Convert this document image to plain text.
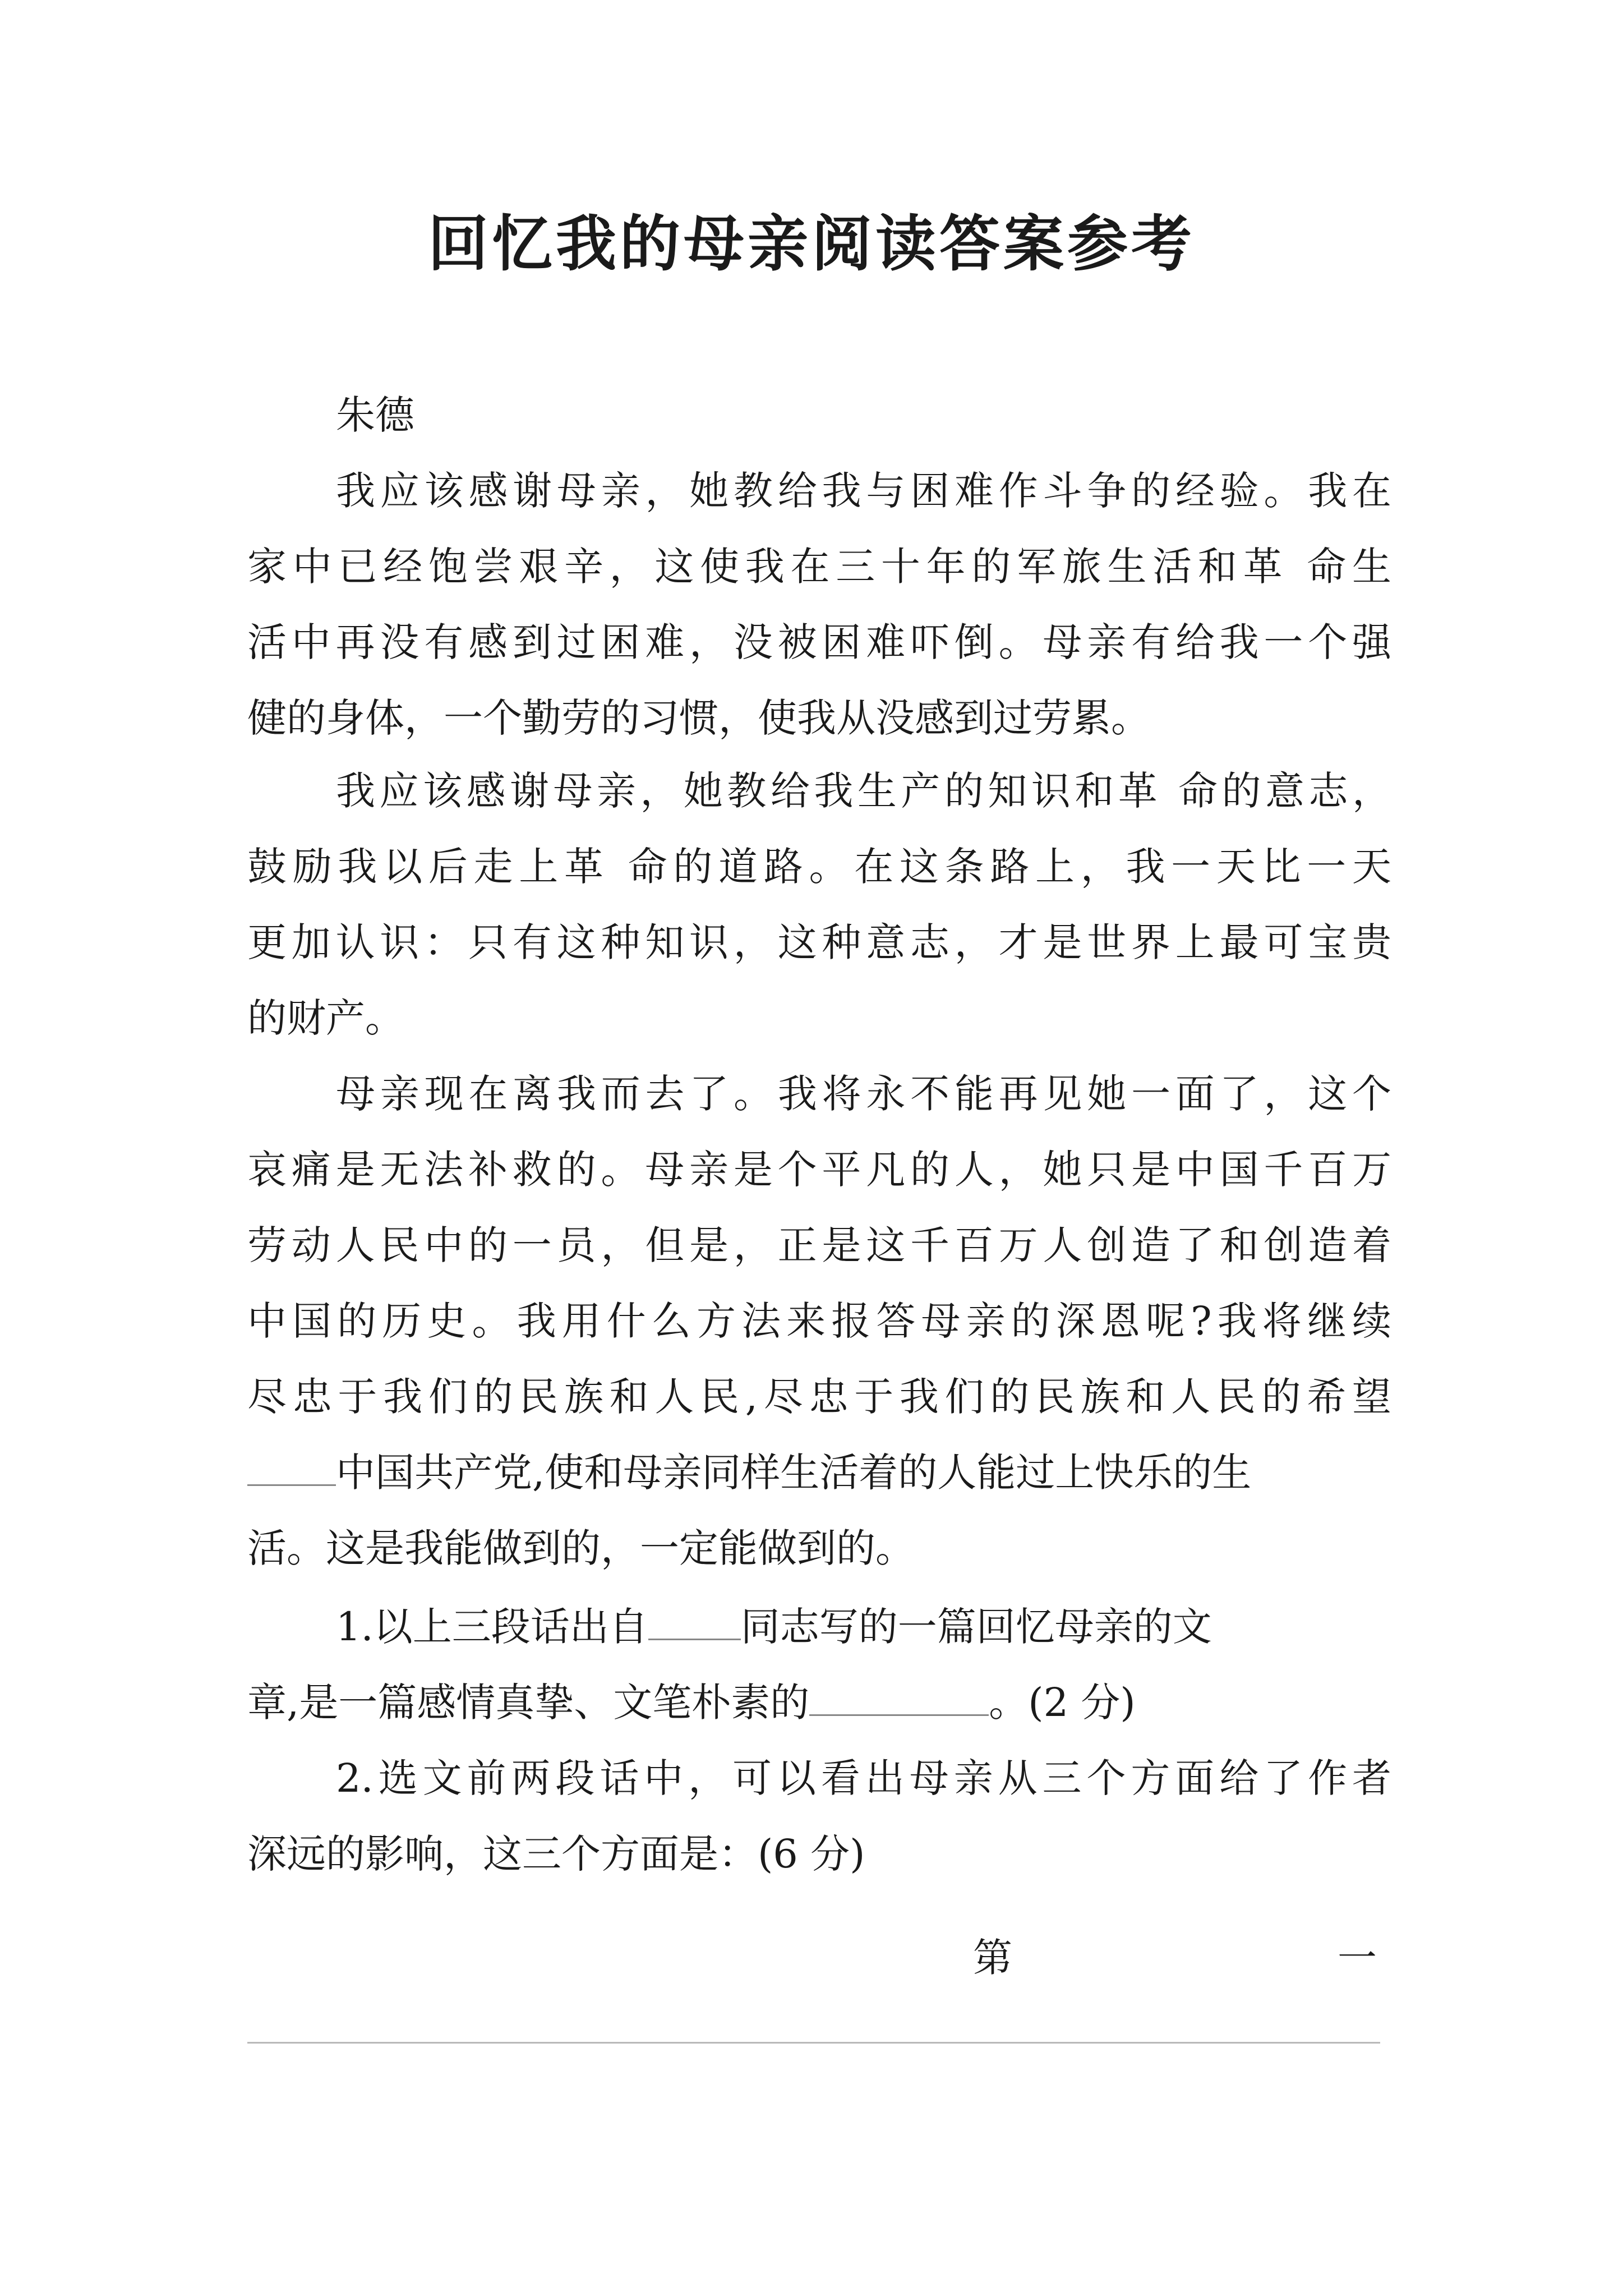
回忆我的母亲阅读答案参考
朱德
我应该感谢母亲，她教给我与困难作斗争的经验。我在
家中已经饱尝艰辛，这使我在三十年的军旅生活和革 命生
活中再没有感到过困难，没被困难吓倒。母亲有给我一个强
健的身体，一个勤劳的习惯，使我从没感到过劳累。
我应该感谢母亲，她教给我生产的知识和革 命的意志，
鼓励我以后走上革 命的道路。在这条路上，我一天比一天
更加认识：只有这种知识，这种意志，才是世界上最可宝贵
的财产。
母亲现在离我而去了。我将永不能再见她一面了，这个
哀痛是无法补救的。母亲是个平凡的人，她只是中国千百万
劳动人民中的一员，但是，正是这千百万人创造了和创造着
中国的历史。我用什么方法来报答母亲的深恩呢?我将继续
尽忠于我们的民族和人民,尽忠于我们的民族和人民的希望
中国共产党,使和母亲同样生活着的人能过上快乐的生
活。这是我能做到的，一定能做到的。
1.以上三段话出自 同志写的一篇回忆母亲的文
章,是一篇感情真挚、文笔朴素的	。(2 分)
2.选文前两段话中，可以看出母亲从三个方面给了作者
深远的影响，这三个方面是：(6 分)
第	一
